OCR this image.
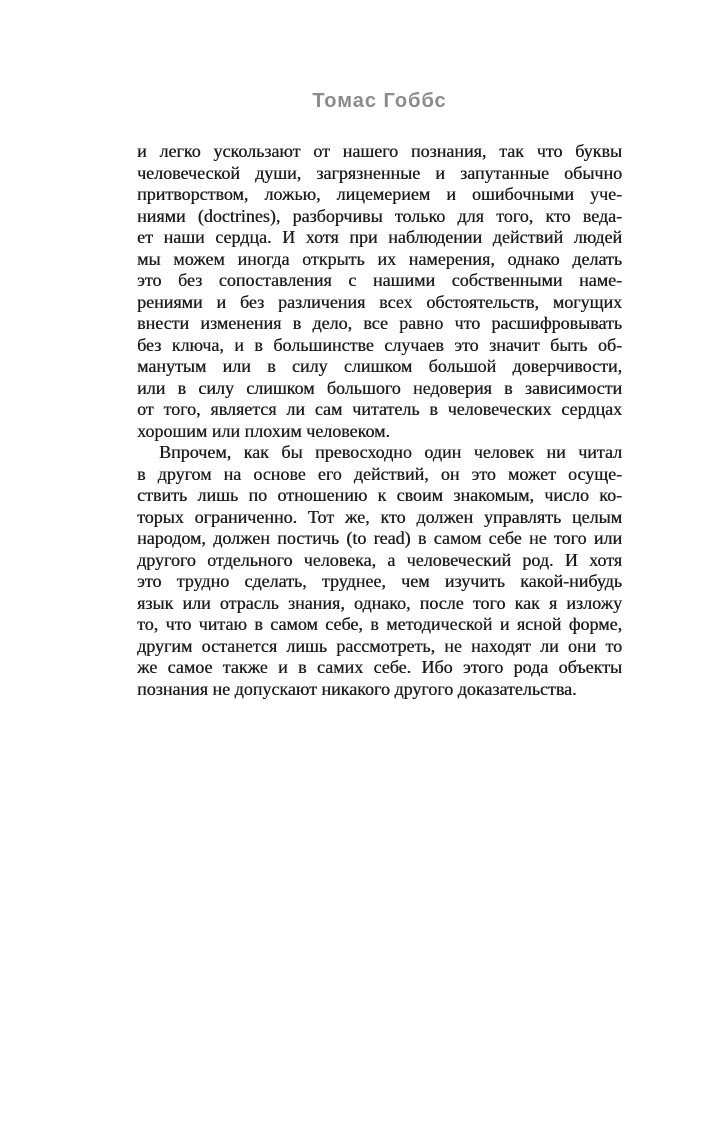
Томас Гоббс
и легко ускользают от нашего познания, так что буквы
человеческой души, загрязненные и запутанные обычно
притворством, ложью, лицемерием и ошибочными уче-
ниями (doctrines), разборчивы только для того, кто веда-
ет наши сердца. И хотя при наблюдении действий людей
мы можем иногда открыть их намерения, однако делать
это без сопоставления с нашими собственными наме-
рениями и без различения всех обстоятельств, могущих
внести изменения в дело, все равно что расшифровывать
без ключа, и в большинстве случаев это значит быть об-
манутым или в силу слишком большой доверчивости,
или в силу слишком большого недоверия в зависимости
от того, является ли сам читатель в человеческих сердцах
хорошим или плохим человеком.
Впрочем, как бы превосходно один человек ни читал
в другом на основе его действий, он это может осуще-
ствить лишь по отношению к своим знакомым, число ко-
торых ограниченно. Тот же, кто должен управлять целым
народом, должен постичь (to read) в самом себе не того или
другого отдельного человека, а человеческий род. И хотя
это трудно сделать, труднее, чем изучить какой-нибудь
язык или отрасль знания, однако, после того как я изложу
то, что читаю в самом себе, в методической и ясной форме,
другим останется лишь рассмотреть, не находят ли они то
же самое также и в самих себе. Ибо этого рода объекты
познания не допускают никакого другого доказательства.
